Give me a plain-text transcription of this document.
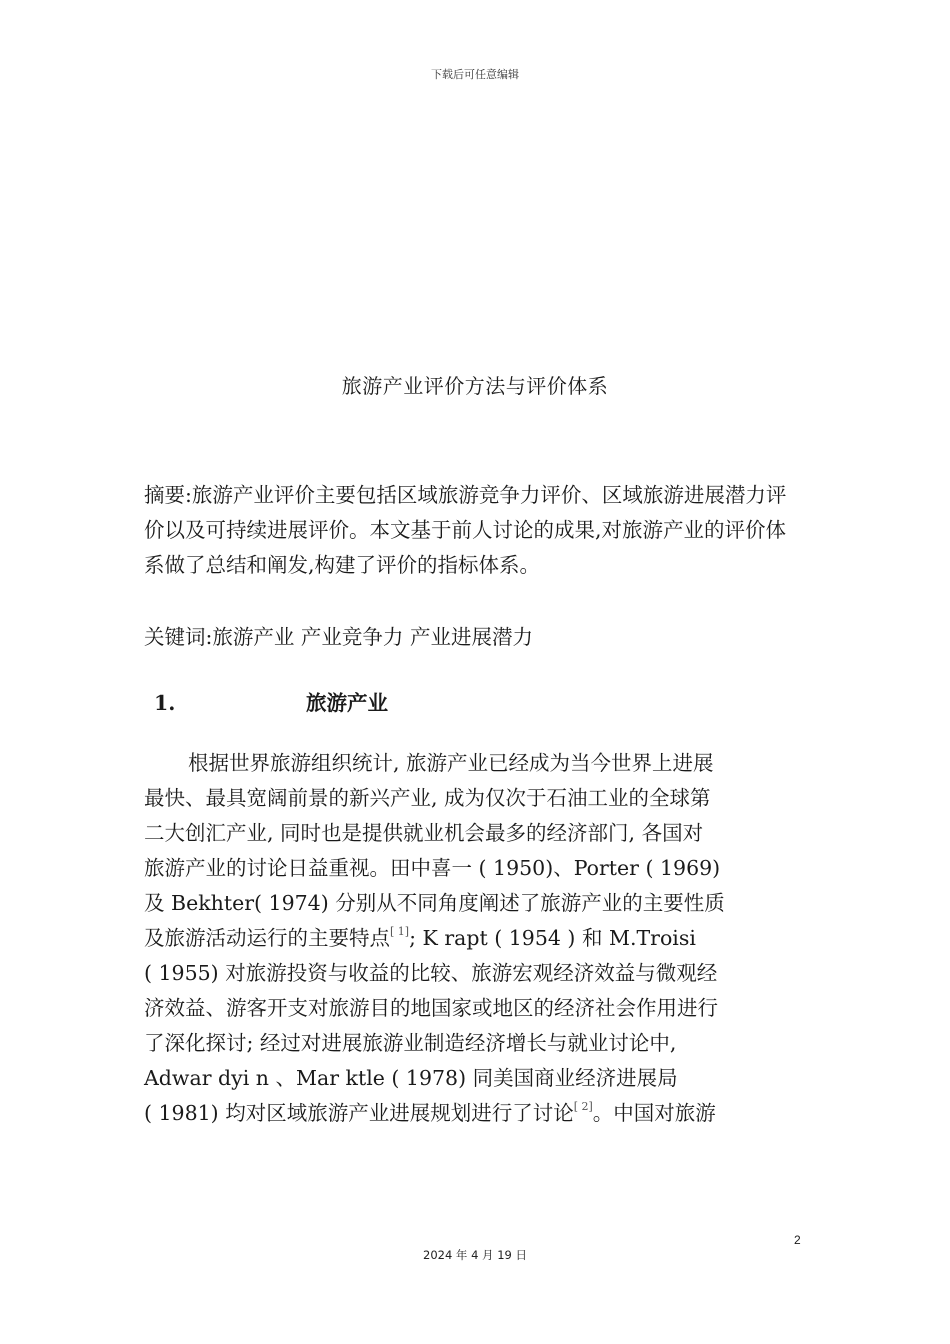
下载后可任意编辑
旅游产业评价方法与评价体系

摘要:旅游产业评价主要包括区域旅游竞争力评价、区域旅游进展潜力评价以及可持续进展评价。本文基于前人讨论的成果,对旅游产业的评价体系做了总结和阐发,构建了评价的指标体系。

关键词:旅游产业 产业竞争力 产业进展潜力

1.	旅游产业
根据世界旅游组织统计, 旅游产业已经成为当今世界上进展
最快、最具宽阔前景的新兴产业, 成为仅次于石油工业的全球第
二大创汇产业, 同时也是提供就业机会最多的经济部门, 各国对
旅游产业的讨论日益重视。田中喜一 ( 1950)、Porter ( 1969)
及 Bekhter( 1974) 分别从不同角度阐述了旅游产业的主要性质
及旅游活动运行的主要特点[ 1]; K rapt ( 1954 ) 和 M.Troisi
( 1955) 对旅游投资与收益的比较、旅游宏观经济效益与微观经
济效益、游客开支对旅游目的地国家或地区的经济社会作用进行
了深化探讨; 经过对进展旅游业制造经济增长与就业讨论中,
Adwar dyi n 、Mar ktle ( 1978) 同美国商业经济进展局
( 1981) 均对区域旅游产业进展规划进行了讨论[ 2]。中国对旅游
2
2024 年 4 月 19 日
